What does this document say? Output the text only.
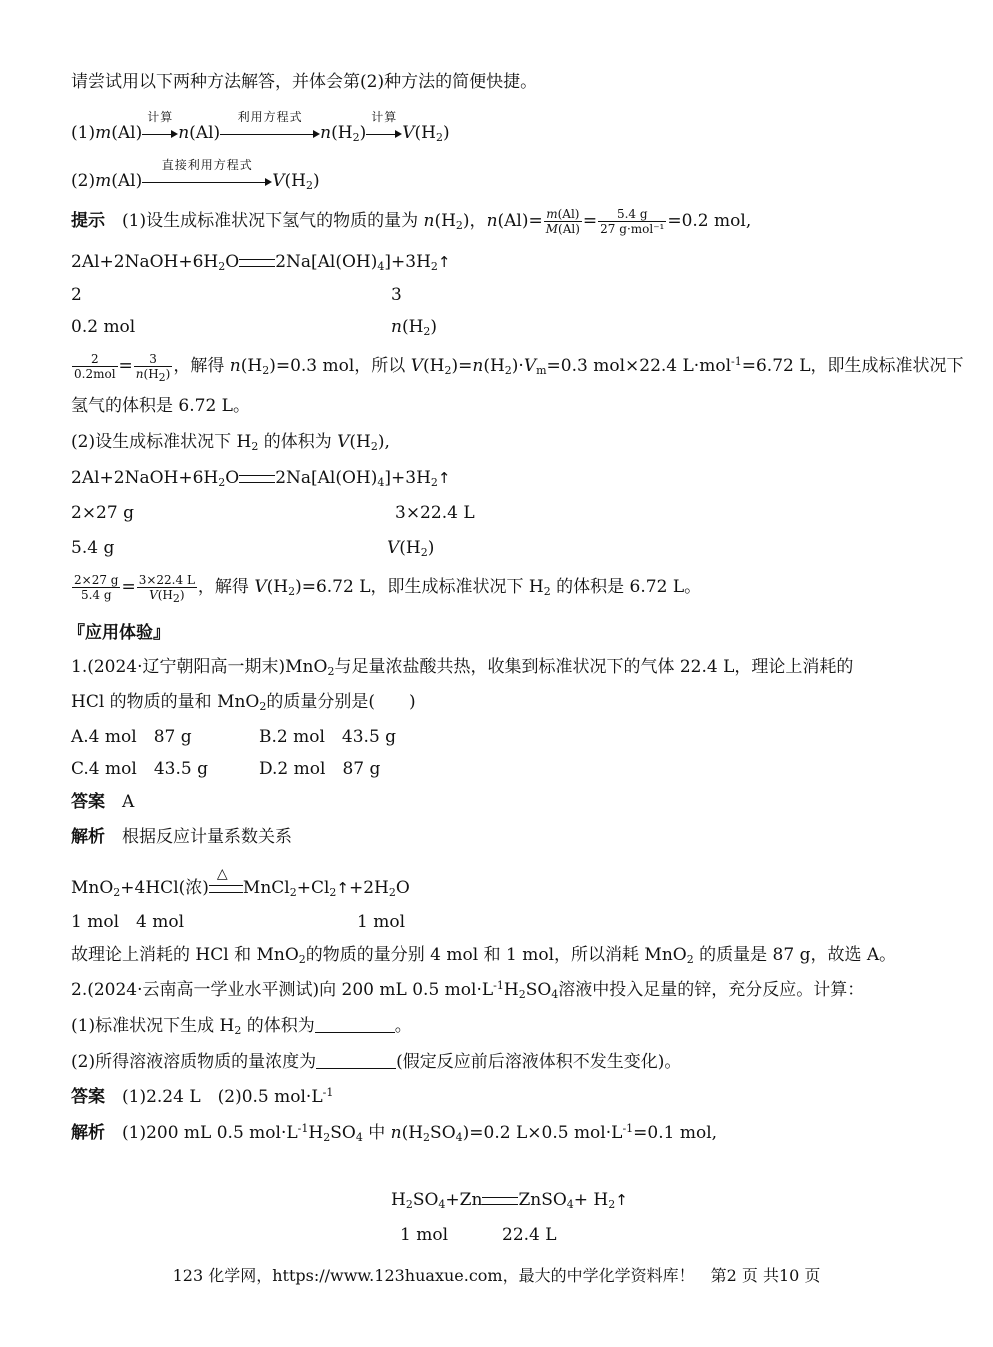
请尝试用以下两种方法解答，并体会第(2)种方法的简便快捷。
(1)m(Al)
计算
n(Al)
利用方程式
$n(H_2)$
计算
$V(H_2)$
(2)m(Al)
直接利用方程式
$V(H_2)$
提示　 (1)设生成标准状况下氢气的物质的量为 $n(H_2)$，$n(Al)= \frac{m(Al)}{M(Al)} = \frac{5.4 g}{\text{27 g·mol⁻¹}} =0.2$ mol,
$2Al+2NaOH+6H_2O$ $2Na[Al(OH)_4]+3H_2↑$
2	3
0.2 mol	$n(H_2)$
$\frac{2}{\text{0.2mol}} = \frac{3}{n(H_2)}$ ，解得 $n(H_2)=0.3$ mol，所以 $V(H_2)=n(H_2)\cdot V_m=0.3$ mol×22.4 L·mol$^{-1}$=6.72 L，即生成标准状况下
氢气的体积是 6.72 L。
(2)设生成标准状况下 $H_2$ 的体积为 $V(H_2)$,
$2Al+2NaOH+6H_2O$ $2Na[Al(OH)_4]+3H_2↑$
2×27 g	3×22.4 L
5.4 g	$V(H_2)$
$\frac{2\times 27 g}{5.4 g} = \frac{3\times 22.4 L}{V(H_2)}$ ，解得 $V(H_2)=6.72$ L，即生成标准状况下 $H_2$ 的体积是 6.72 L。
『应用体验』
1.(2024·辽宁朝阳高一期末)MnO$_2$与足量浓盐酸共热，收集到标准状况下的气体 22.4 L，理论上消耗的
HCl 的物质的量和 MnO$_2$的质量分别是(　　)
A.4 mol　87 g	B.2 mol　43.5 g
C.4 mol　43.5 g	D.2 mol　87 g
答案　 A
解析　 根据反应计量系数关系
MnO$_2$+4HCl(浓)
△
$MnCl_2+Cl_2↑+2H_2O$
1 mol　4 mol	1 mol
故理论上消耗的 HCl 和 MnO$_2$的物质的量分别 4 mol 和 1 mol，所以消耗 MnO$_2$ 的质量是 87 g，故选 A。
2.(2024·云南高一学业水平测试)向 200 mL 0.5 $mol\cdot L^{-1}H_2SO_4$溶液中投入足量的锌，充分反应。计算：
(1)标准状况下生成 $H_2$ 的体积为	。
(2)所得溶液溶质物质的量浓度为	(假定反应前后溶液体积不发生变化)。
答案　 (1)2.24 L　(2)0.5 $mol\cdot L^{-1}$
解析　 (1)200 mL 0.5 $mol\cdot L^{-1}H_2SO_4$ 中 $n(H_2SO_4)=0.2$ L×0.5 $mol\cdot L^{-1}=0.1$ mol,
$H_2SO_4+Zn$ ZnSO$_4$+ $H_2↑$
1 mol	22.4 L
123 化学网，https://www.123huaxue.com，最大的中学化学资料库！　第2 页 共10 页
